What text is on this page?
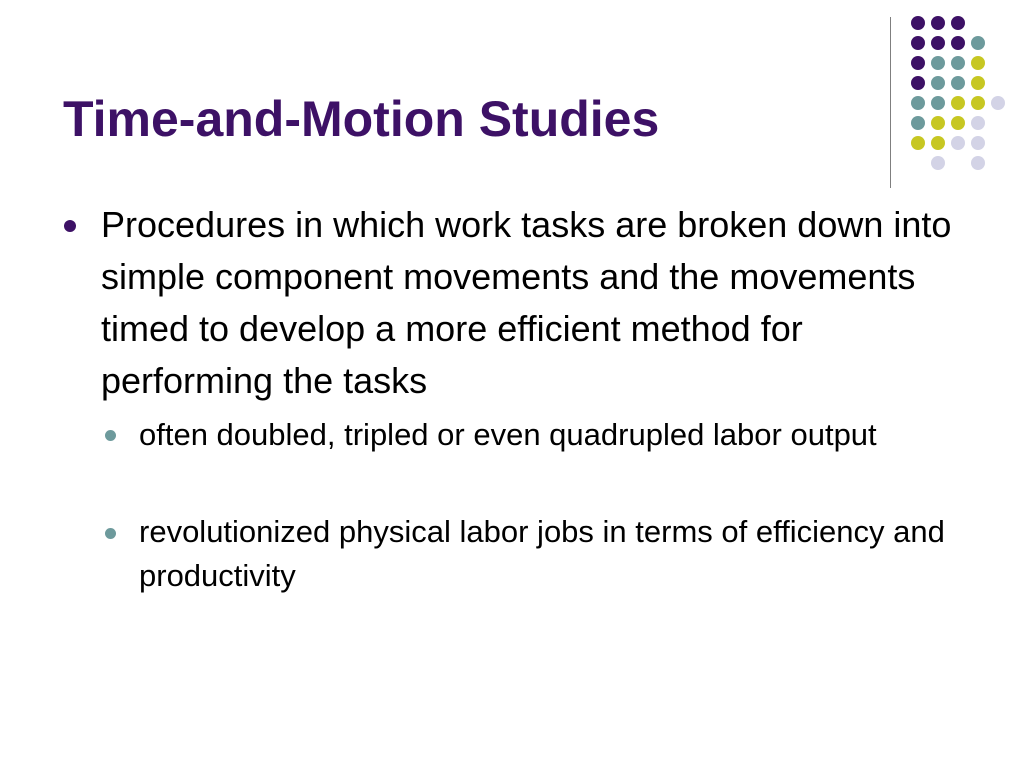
Time-and-Motion Studies
Procedures in which work tasks are broken down into simple component movements and the movements timed to develop a more efficient method for performing the tasks
often doubled, tripled or even quadrupled labor output
revolutionized physical labor jobs in terms of efficiency and productivity
